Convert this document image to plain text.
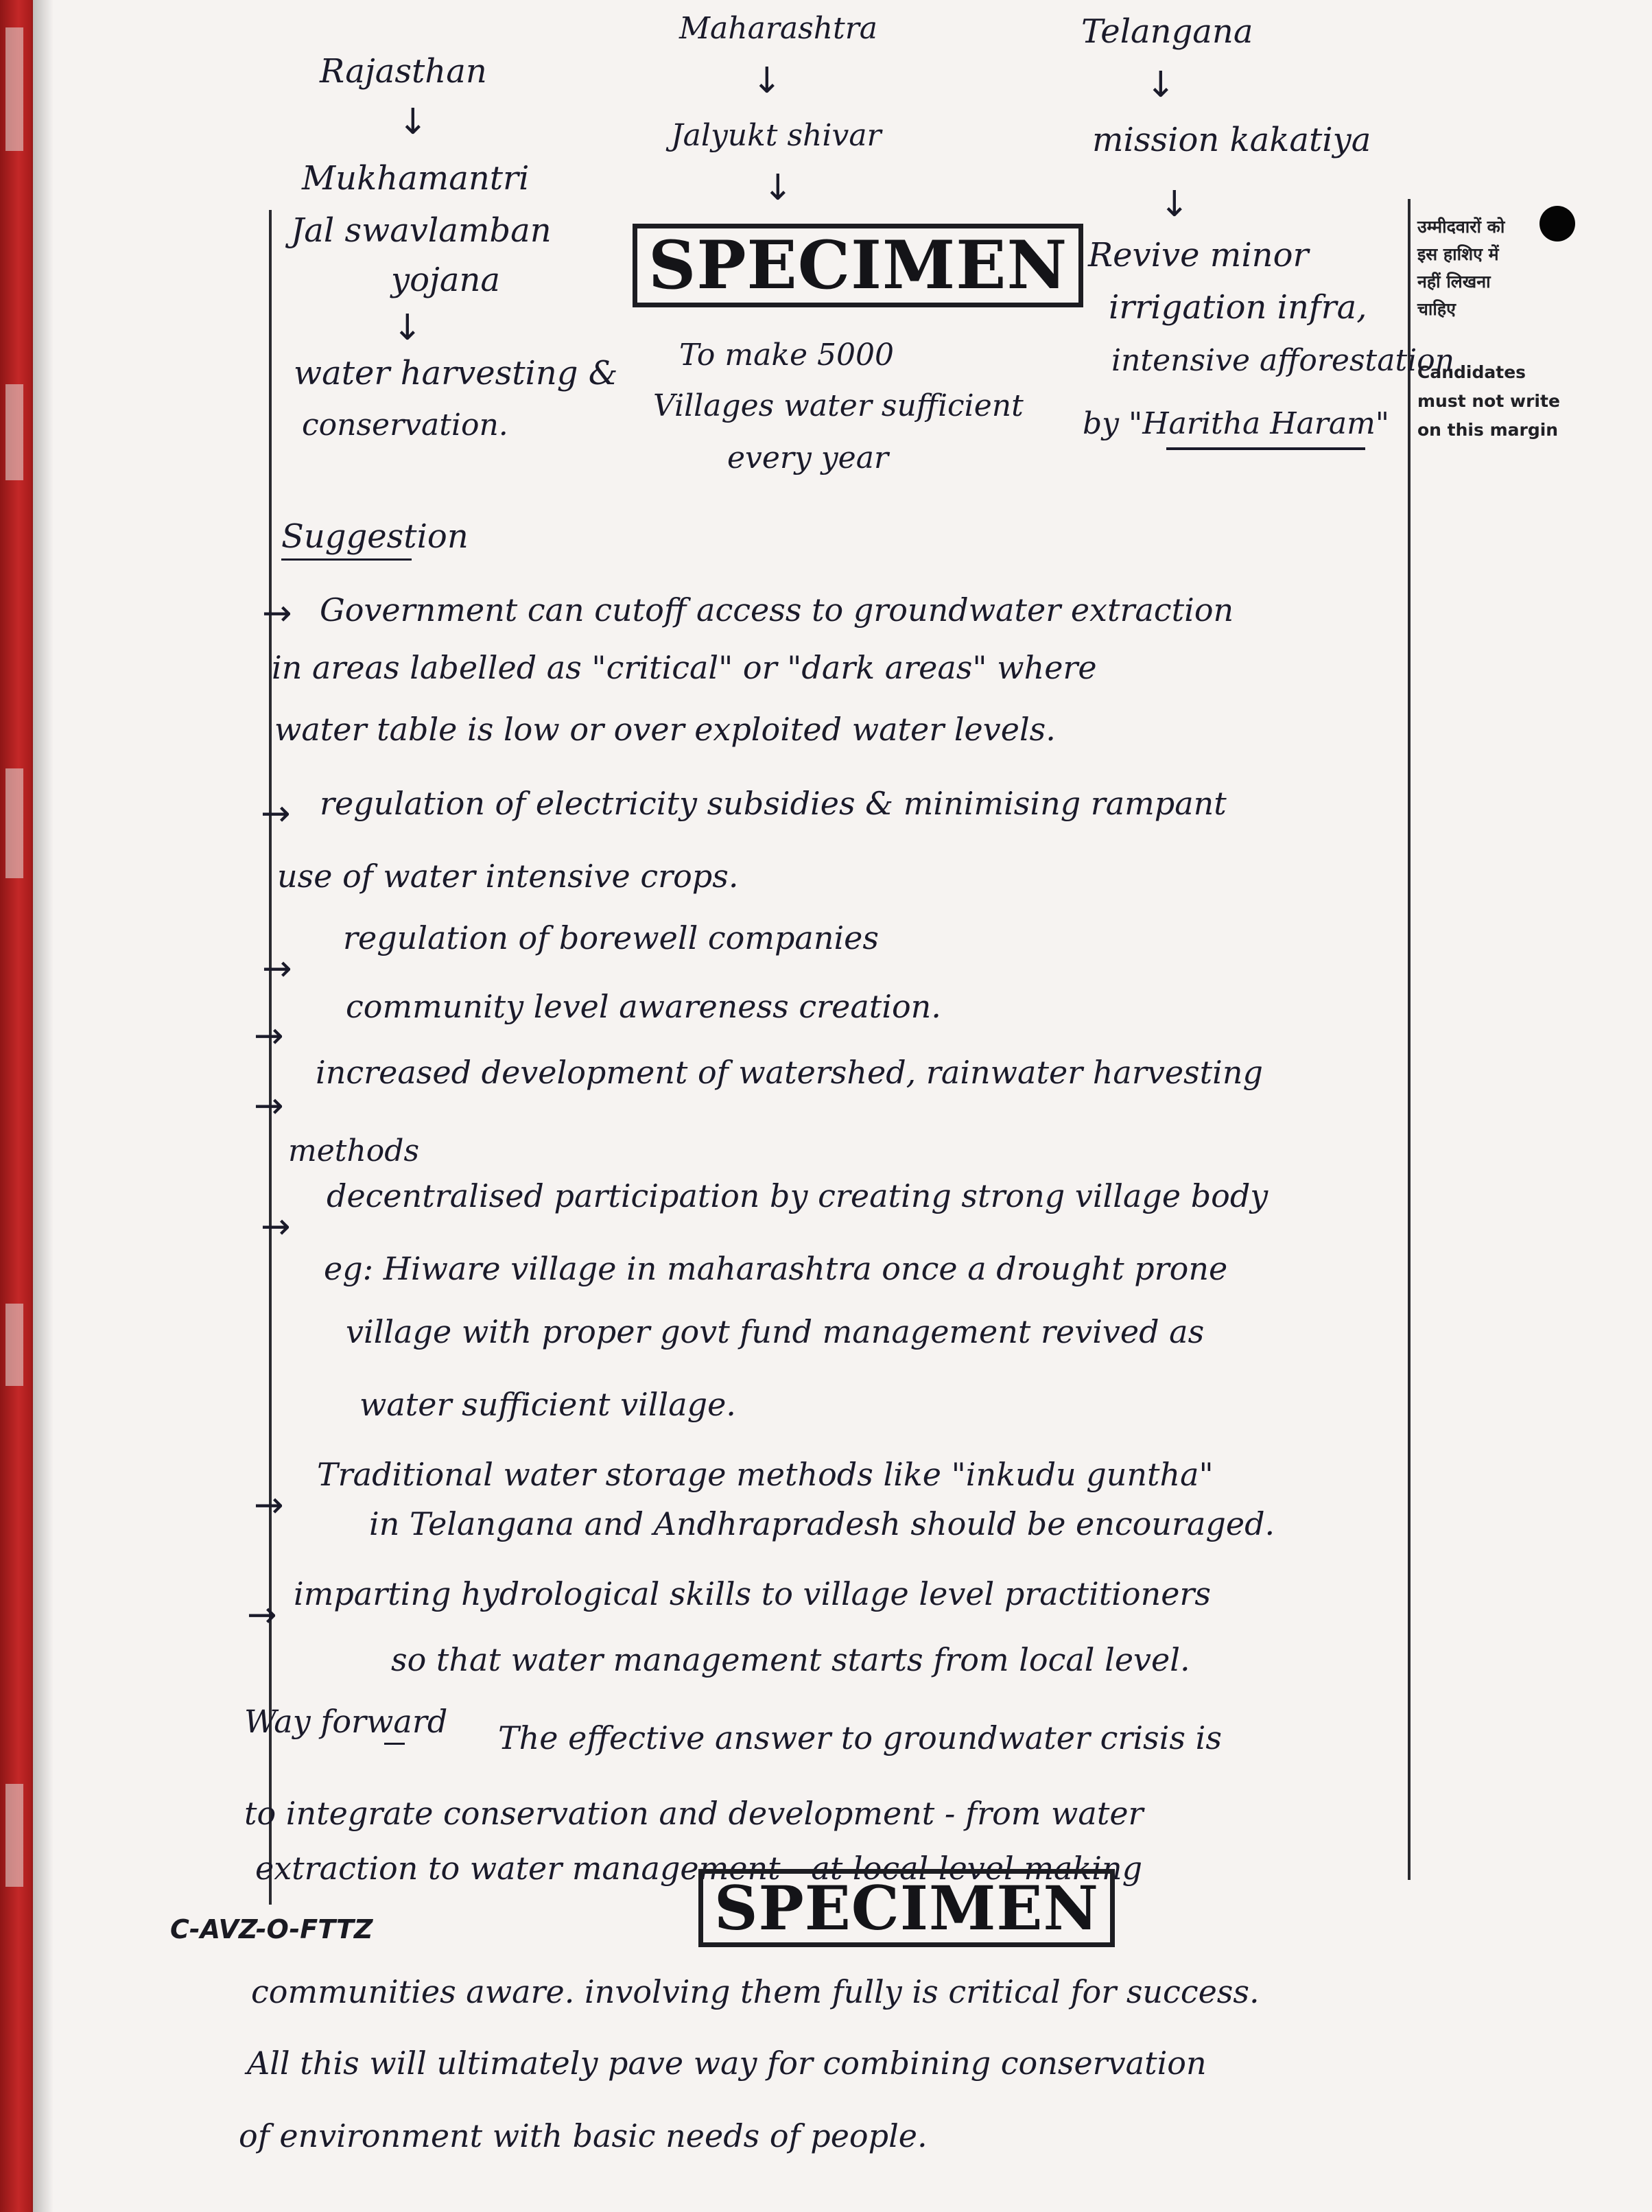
उम्मीदवारों को

इस हाशिए में

नहीं लिखना

चाहिए

Candidates

must not write

on this margin

Rajasthan

↓

Mukhamantri

Jal swavlamban

yojana

↓

water harvesting &

conservation.

Maharashtra

↓

Jalyukt shivar

↓
SPECIMEN

To make 5000

Villages water sufficient

every year

Telangana

↓

mission kakatiya

↓

Revive minor

irrigation infra,

intensive afforestation

by "Haritha Haram"

Suggestion

→ Government can cutoff access to groundwater extraction

in areas labelled as "critical" or "dark areas" where

water table is low or over exploited water levels.

→ regulation of electricity subsidies & minimising rampant

use of water intensive crops.

→

regulation of borewell companies

→

community level awareness creation.

→

increased development of watershed, rainwater harvesting

methods

→

decentralised participation by creating strong village body

eg: Hiware village in maharashtra once a drought prone

village with proper govt fund management revived as

water sufficient village.

→

Traditional water storage methods like "inkudu guntha"

in Telangana and Andhrapradesh should be encouraged.

→

imparting hydrological skills to village level practitioners

so that water management starts from local level.

Way forward The effective answer to groundwater crisis is

to integrate conservation and development - from water

extraction to water management - at local level making

SPECIMEN

C-AVZ-O-FTTZ

communities aware. involving them fully is critical for success.

All this will ultimately pave way for combining conservation

of environment with basic needs of people.
